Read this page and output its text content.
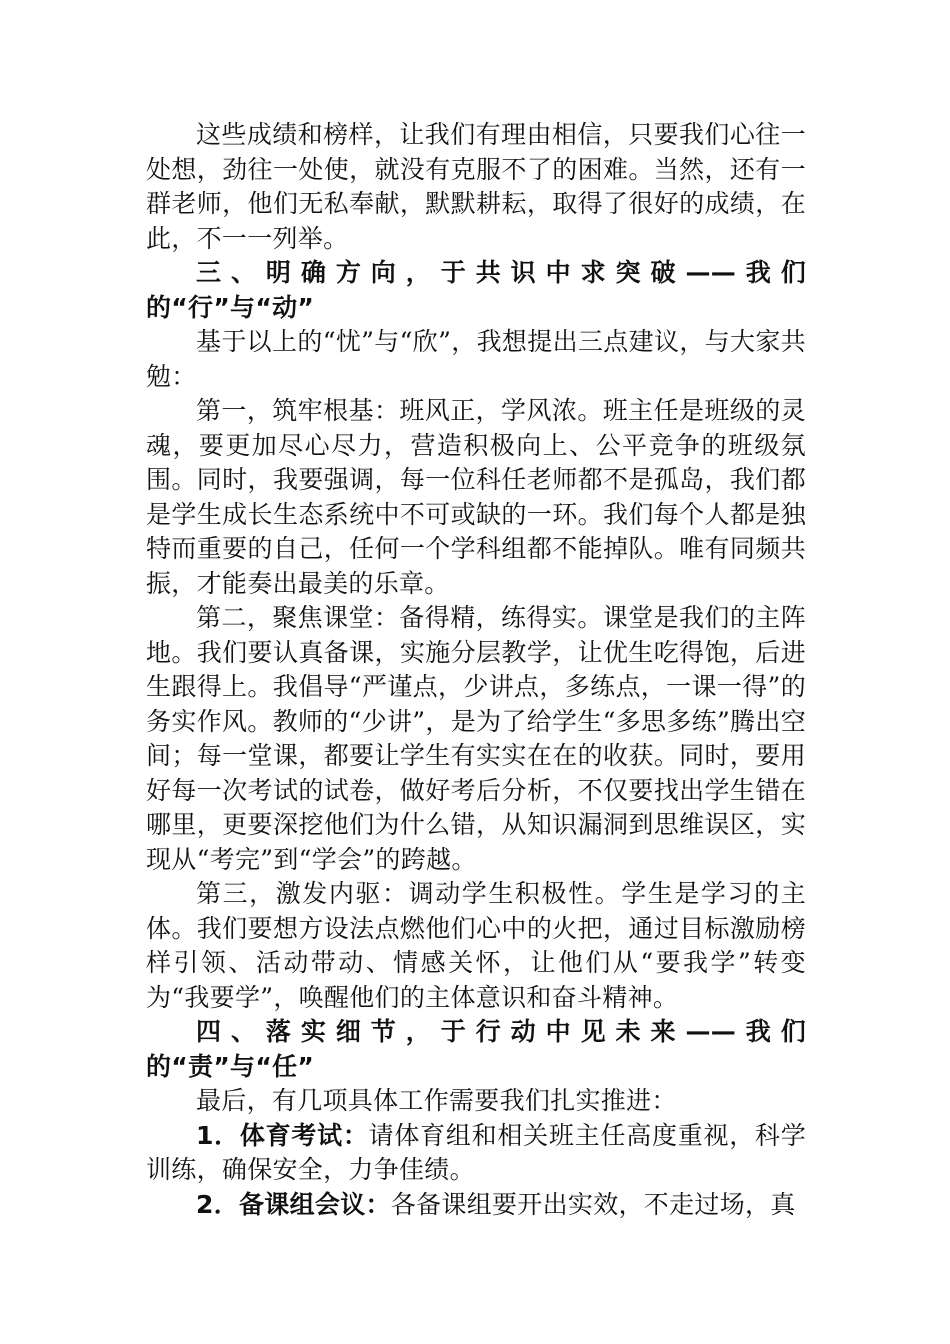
这些成绩和榜样，让我们有理由相信，只要我们心往一处想，劲往一处使，就没有克服不了的困难。当然，还有一群老师，他们无私奉献，默默耕耘，取得了很好的成绩，在此，不一一列举。

三、明确方向，于共识中求突破——我们的“行”与“动”

基于以上的“忧”与“欣”，我想提出三点建议，与大家共勉：

第一，筑牢根基：班风正，学风浓。班主任是班级的灵魂，要更加尽心尽力，营造积极向上、公平竞争的班级氛围。同时，我要强调，每一位科任老师都不是孤岛，我们都是学生成长生态系统中不可或缺的一环。我们每个人都是独特而重要的自己，任何一个学科组都不能掉队。唯有同频共振，才能奏出最美的乐章。

第二，聚焦课堂：备得精，练得实。课堂是我们的主阵地。我们要认真备课，实施分层教学，让优生吃得饱，后进生跟得上。我倡导“严谨点，少讲点，多练点，一课一得”的务实作风。教师的“少讲”，是为了给学生“多思多练”腾出空间；每一堂课，都要让学生有实实在在的收获。同时，要用好每一次考试的试卷，做好考后分析，不仅要找出学生错在哪里，更要深挖他们为什么错，从知识漏洞到思维误区，实现从“考完”到“学会”的跨越。

第三，激发内驱：调动学生积极性。学生是学习的主体。我们要想方设法点燃他们心中的火把，通过目标激励榜样引领、活动带动、情感关怀，让他们从“要我学”转变为“我要学”，唤醒他们的主体意识和奋斗精神。

四、落实细节，于行动中见未来——我们的“责”与“任”

最后，有几项具体工作需要我们扎实推进：

1．体育考试：请体育组和相关班主任高度重视，科学训练，确保安全，力争佳绩。

2．备课组会议：各备课组要开出实效，不走过场，真
